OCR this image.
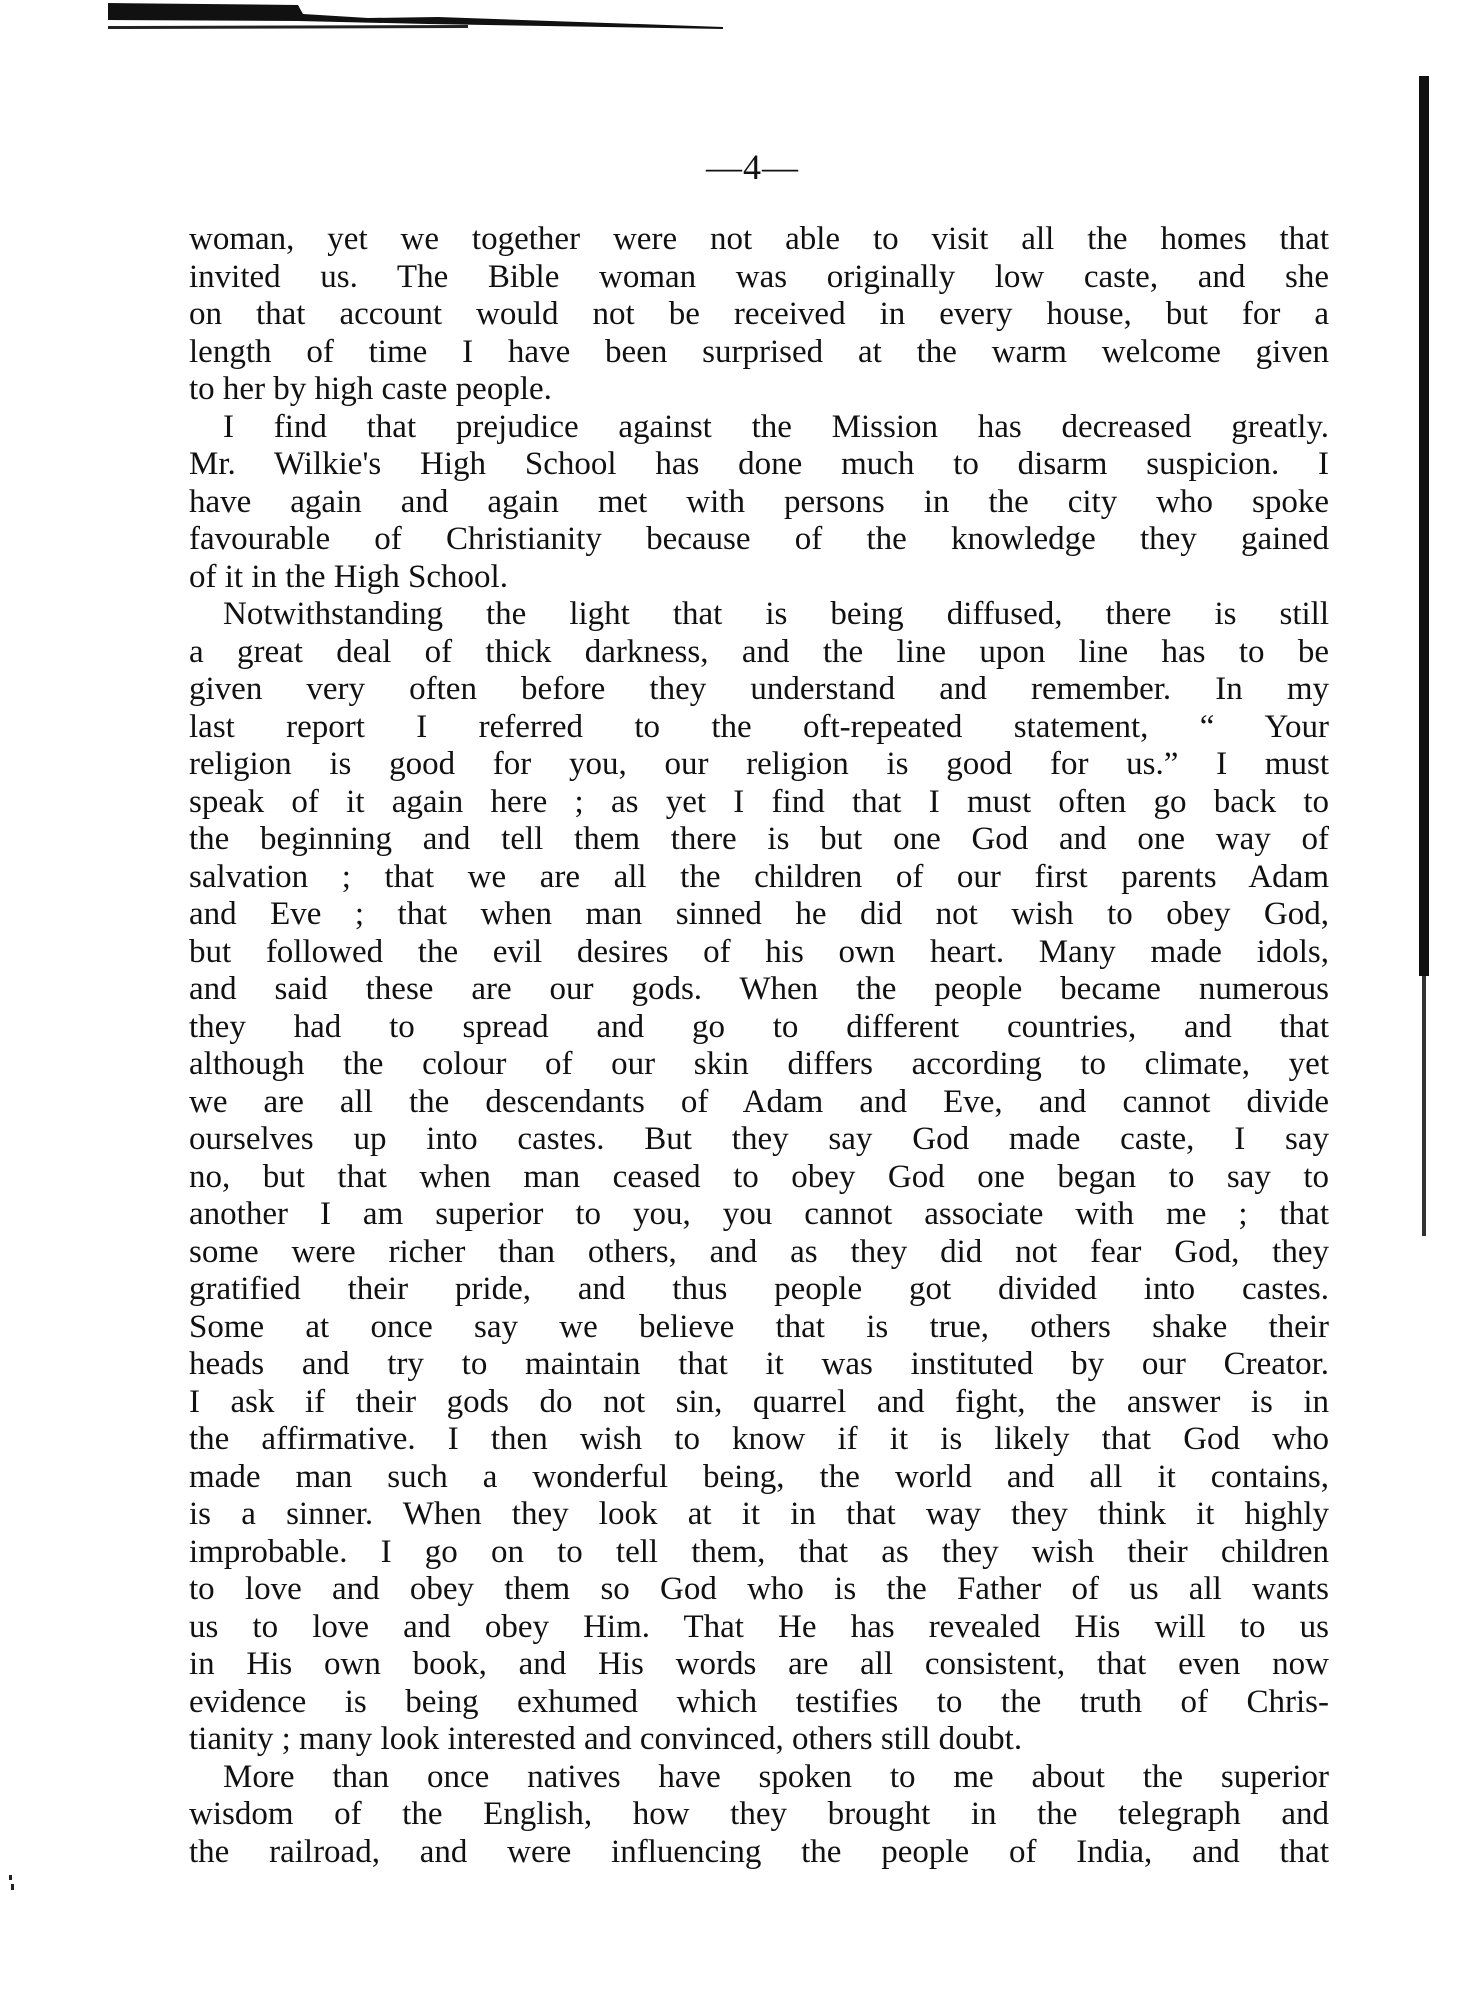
—4—
woman, yet we together were not able to visit all the homes that
invited us. The Bible woman was originally low caste, and she
on that account would not be received in every house, but for a
length of time I have been surprised at the warm welcome given
to her by high caste people.
I find that prejudice against the Mission has decreased greatly.
Mr. Wilkie's High School has done much to disarm suspicion. I
have again and again met with persons in the city who spoke
favourable of Christianity because of the knowledge they gained
of it in the High School.
Notwithstanding the light that is being diffused, there is still
a great deal of thick darkness, and the line upon line has to be
given very often before they understand and remember. In my
last report I referred to the oft-repeated statement, “ Your
religion is good for you, our religion is good for us.” I must
speak of it again here ; as yet I find that I must often go back to
the beginning and tell them there is but one God and one way of
salvation ; that we are all the children of our first parents Adam
and Eve ; that when man sinned he did not wish to obey God,
but followed the evil desires of his own heart. Many made idols,
and said these are our gods. When the people became numerous
they had to spread and go to different countries, and that
although the colour of our skin differs according to climate, yet
we are all the descendants of Adam and Eve, and cannot divide
ourselves up into castes. But they say God made caste, I say
no, but that when man ceased to obey God one began to say to
another I am superior to you, you cannot associate with me ; that
some were richer than others, and as they did not fear God, they
gratified their pride, and thus people got divided into castes.
Some at once say we believe that is true, others shake their
heads and try to maintain that it was instituted by our Creator.
I ask if their gods do not sin, quarrel and fight, the answer is in
the affirmative. I then wish to know if it is likely that God who
made man such a wonderful being, the world and all it contains,
is a sinner. When they look at it in that way they think it highly
improbable. I go on to tell them, that as they wish their children
to love and obey them so God who is the Father of us all wants
us to love and obey Him. That He has revealed His will to us
in His own book, and His words are all consistent, that even now
evidence is being exhumed which testifies to the truth of Chris-
tianity ; many look interested and convinced, others still doubt.
More than once natives have spoken to me about the superior
wisdom of the English, how they brought in the telegraph and
the railroad, and were influencing the people of India, and that
